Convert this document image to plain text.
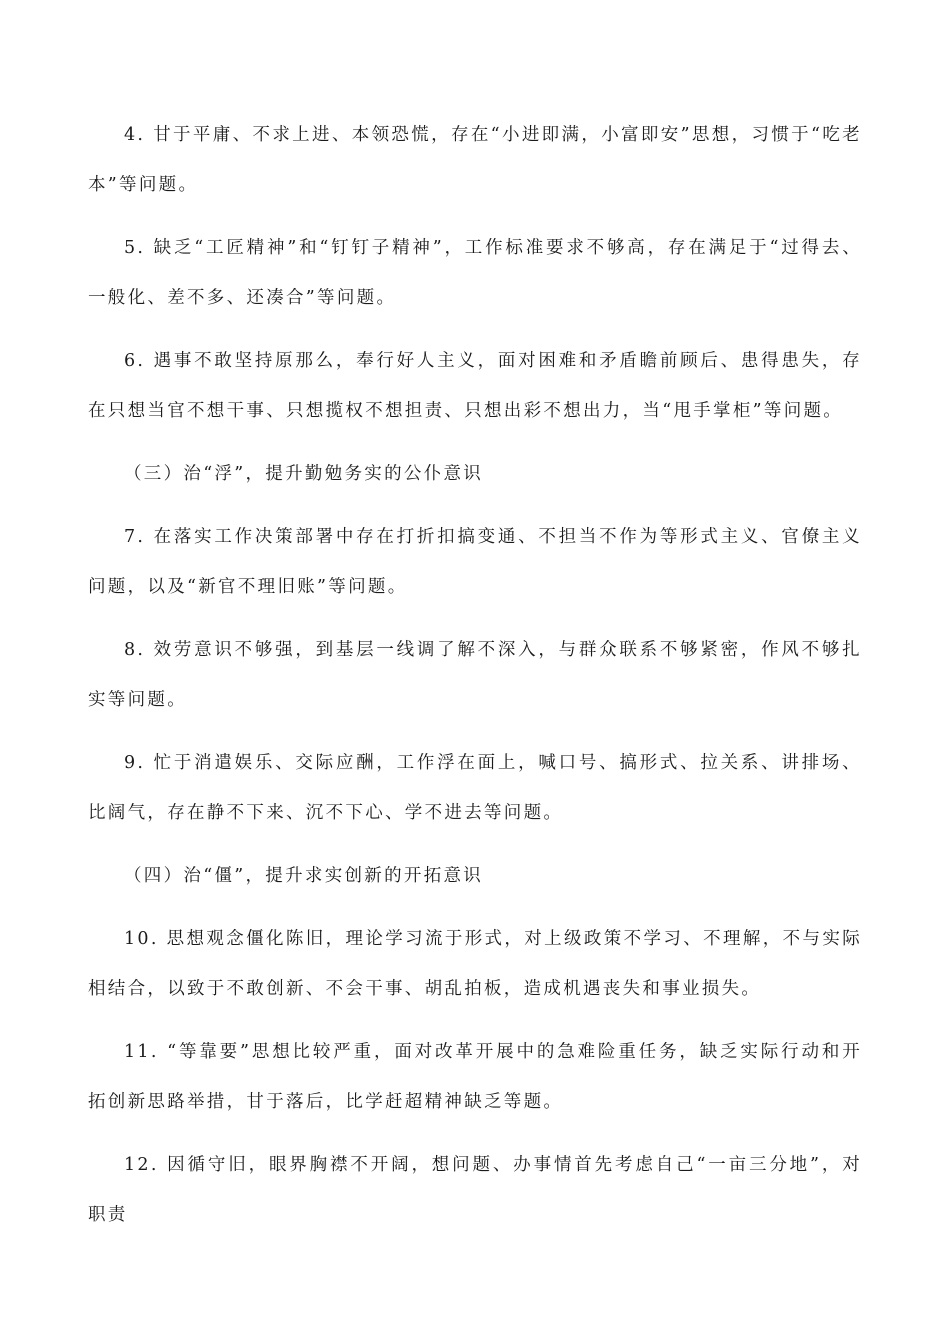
4. 甘于平庸、不求上进、本领恐慌，存在“小进即满，小富即安”思想，习惯于“吃老本”等问题。

5. 缺乏“工匠精神”和“钉钉子精神”，工作标准要求不够高，存在满足于“过得去、一般化、差不多、还凑合”等问题。

6. 遇事不敢坚持原那么，奉行好人主义，面对困难和矛盾瞻前顾后、患得患失，存在只想当官不想干事、只想揽权不想担责、只想出彩不想出力，当“甩手掌柜”等问题。

（三）治“浮”，提升勤勉务实的公仆意识

7. 在落实工作决策部署中存在打折扣搞变通、不担当不作为等形式主义、官僚主义问题，以及“新官不理旧账”等问题。

8. 效劳意识不够强，到基层一线调了解不深入，与群众联系不够紧密，作风不够扎实等问题。

9. 忙于消遣娱乐、交际应酬，工作浮在面上，喊口号、搞形式、拉关系、讲排场、比阔气，存在静不下来、沉不下心、学不进去等问题。

（四）治“僵”，提升求实创新的开拓意识

10. 思想观念僵化陈旧，理论学习流于形式，对上级政策不学习、不理解，不与实际相结合，以致于不敢创新、不会干事、胡乱拍板，造成机遇丧失和事业损失。

11. “等靠要”思想比较严重，面对改革开展中的急难险重任务，缺乏实际行动和开拓创新思路举措，甘于落后，比学赶超精神缺乏等题。

12. 因循守旧，眼界胸襟不开阔，想问题、办事情首先考虑自己“一亩三分地”，对职责
